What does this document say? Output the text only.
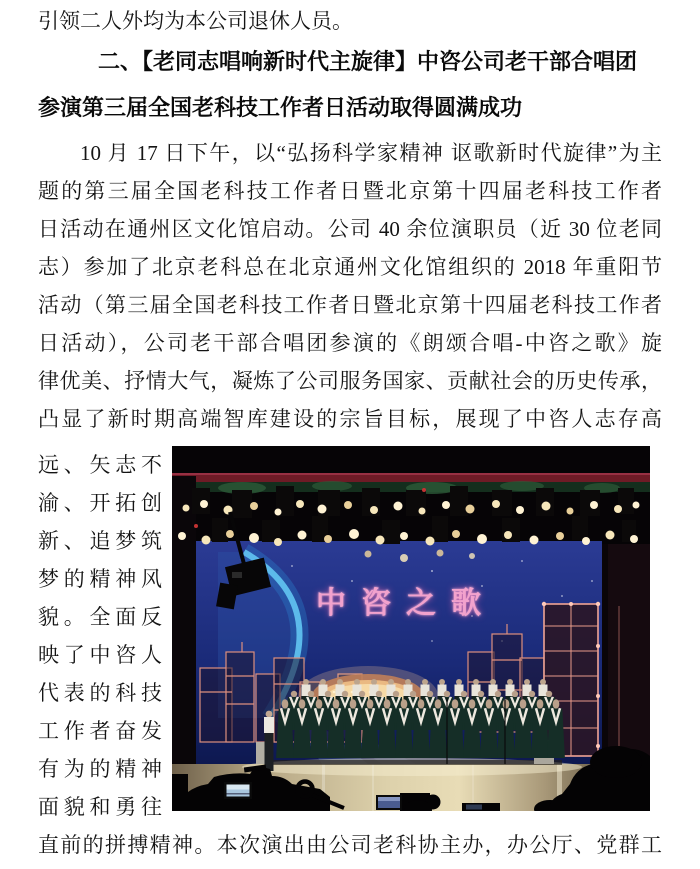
引领二人外均为本公司退休人员。
二、【老同志唱响新时代主旋律】中咨公司老干部合唱团
参演第三届全国老科技工作者日活动取得圆满成功
10 月 17 日下午，以“弘扬科学家精神 讴歌新时代旋律”为主
题的第三届全国老科技工作者日暨北京第十四届老科技工作者
日活动在通州区文化馆启动。公司 40 余位演职员（近 30 位老同
志）参加了北京老科总在北京通州文化馆组织的 2018 年重阳节
活动（第三届全国老科技工作者日暨北京第十四届老科技工作者
日活动），公司老干部合唱团参演的《朗颂合唱-中咨之歌》旋
律优美、抒情大气，凝炼了公司服务国家、贡献社会的历史传承，
凸显了新时期高端智库建设的宗旨目标，展现了中咨人志存高
远、矢志不
渝、开拓创
新、追梦筑
梦的精神风
貌。全面反
映了中咨人
代表的科技
工作者奋发
有为的精神
面貌和勇往
中咨之歌
直前的拼搏精神。本次演出由公司老科协主办，办公厅、党群工
